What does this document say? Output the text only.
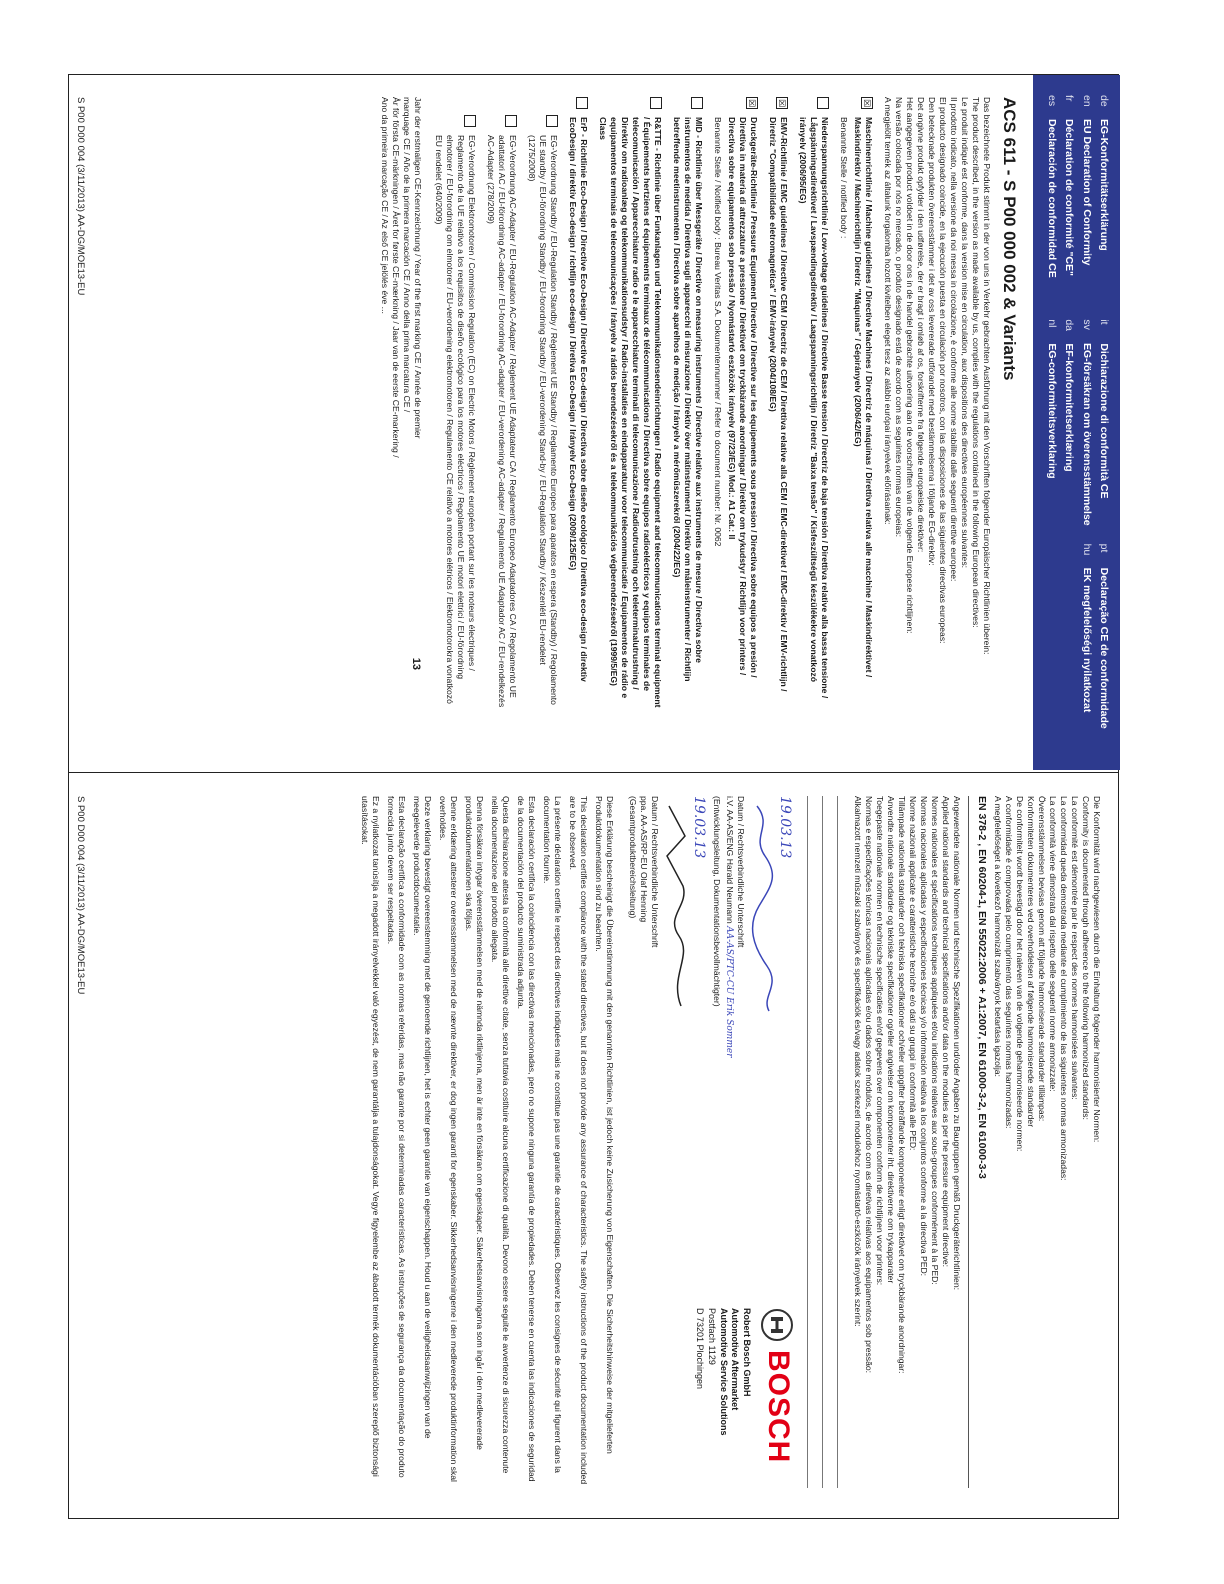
de
EG-Konformitätserklärung
it
Dichiarazione di conformità CE
pt
Declaração CE de conformidade
en
EU Declaration of Conformity
sv
EG-försäkran om överensstämmelse
hu
EK megfelelőségi nyilatkozat
fr
Déclaration de conformité "CE"
da
EF-konformitetserklæring
es
Declaración de conformidad CE
nl
EG-conformiteitsverklaring
ACS 611 - S P00 000 002 & Variants

Das bezeichnete Produkt stimmt in der von uns in Verkehr gebrachten Ausführung mit den Vorschriften folgender Europäischer Richtlinien überein:

The product described, in the version as made available by us, complies with the regulations contained in the following European directives:

Le produit indiqué est conforme, dans la version mise en circulation, aux dispositions des directives européennes suivantes:

Il prodotto indicato, nella versione da noi messa in circolazione, è conforme alle norme stabilite dalle seguenti direttive europee:

El producto designado coincide, en la ejecución puesta en circulación por nosotros, con las disposiciones de las siguientes directivas europeas:

Den betecknade produkten överensstämmer i det av oss levererade utförandet med bestämmelserna i följande EG-direktiv:

Det angivne produkt opfylder i den udførelse, der er bragt i omløb af os, forskrifterne fra følgende europæiske direktiver:

Het aangegeven product voldoet in de door ons in de handel gebrachte uitvoering aan de voorschriften van de volgende Europese richtlijnen:

Na versão colocada por nós no mercado, o produto designado está de acordo com as seguintes normas europeias:

A megjelölt termék az általunk forgalomba hozott kivitelben eleget tesz az alábbi európai irányelvek előírásainak:

☒
Maschinenrichtlinie / Machine guidelines / Directive Machines / Directriz de máquinas / Direttiva relativa alle macchine / Maskindirektivet / Maskindirektiv / Machinerichtlijn / Diretriz "Máquinas" / Gépirányelv (2006/42/EG)
Benannte Stelle / notified body :
Niederspannungsrichtlinie / Low-voltage guidelines / Directive Basse tension / Directriz de baja tensión / Direttiva relative alla bassa tensione / Lågspänningsdirektivet / Lavspændingsdirektiv / Laagspanningsrichtlijn / Diretriz "Baixa tensão" / Kisfeszültségű készülékekre vonatkozó irányelv (2006/95/EG)
☒
EMV-Richtlinie / EMC guidelines / Directive CEM / Directriz de CEM / Direttiva relative alla CEM / EMC-direktivet / EMC-direktiv / EMV-richtlijn / Diretriz "Compatibilidade eletromagnética" / EMV-irányelv (2004/108/EG)
☒
Druckgeräte-Richtlinie / Pressure Equipment Directive / Directive sur les équipements sous pression / Directiva sobre equipos a presión / Direttiva in materia di attrezzature a pressione / Direktivet om tryckbärande anordningar / Direktiv om trykudstyr / Richtlijn voor printers / Directiva sobre equipamentos sob pressão / Nyomástartó eszközök irányelv (97/23/EG) Mod.: A1 Cat.: II
Benannte Stelle / Notified body : Bureau Veritas S.A. Dokumentennummer / Refer to document number: Nr. 0062
MID - Richtlinie über Messgeräte / Directive on measuring instruments / Directive relative aux instruments de mesure / Directiva sobre instrumentos de medida / Direttiva sugli apparecchi di misurazione / Direktiv över mätinstrument / Direktiv om måleinstrumenter / Richtlijn betreffende meetinstrumenten / Directiva sobre aparelhos de medição / Irányelv a mérőműszerekről (2004/22/EG)
R&TTE - Richtlinie über Funkanlagen und Telekommunikationsendeinrichtungen / Radio equipment and telecommunications terminal equipment / Équipements hertziens et équipements terminaux de télécommunications / Directiva sobre equipos radioeléctricos y equipos terminales de telecomunicación / Apparecchiature radio e le apparecchiature terminali di telecomunicazione / Radioutrustning och teleterminalutrustning / Direktiv om radioanlæg og telekommunikationsudstyr / Radio-installaties en eindapparatuur voor telecommunicatie / Equipamentos de rádio e equipamentos terminais de telecomunicações / Irányelv a rádiós berendezésekről és a telekommunikációs végberendezésekről (1999/5/EG) Class
ErP - Richtlinie Eco-Design / Directive Eco-Design / Directive Eco-design / Directiva sobre diseño ecológico / Direttiva eco-design / direktiv EcoDesign / direktiv Eco-design / richtlijn eco-design / Diretiva Eco-Design / Irányelv Eco-Design (2009/125/EG)
EG-Verordnung Standby / EU-Regulation Standby / Règlement UE Standby / Reglamento Europeo para aparatos en espera (Standby) / Regolamento UE standby / EU-förordning Standby / EU-forordning Standby / EU-verordening Stand-by / EU-Regulation Standby / Készenléti EU-rendelet (1275/2008)
EG-Verordnung AC-Adapter / EU-Regulation AC-Adapter / Règlement UE Adaptateur CA / Reglamento Europeo Adaptadores CA / Regolamento UE adattatori AC / EU-förordning AC-adapter / EU-forordning AC-adapter / EU-verordening AC-adapter / Regulamento UE Adaptador AC / EU-rendelkezés AC-Adapter (278/2009)
EG-Verordnung Elektromotoren / Commission Regulation (EC) on Electric Motors / Règlement européen portant sur les moteurs électriques / Reglamento de la UE relativo a los requisitos de diseño ecológico para los motores eléctricos / Regolamento UE motori elettrici / EU-förordning elmotorer / EU-forordning om elmotorer / EU-verordening elektromotoren / Regulamento CE relativo a motores elétricos / Elektromotorokra vonatkozó EU rendelet (640/2009)
Jahr der erstmaligen CE-Kennzeichnung / Year of the first marking CE / Année de premier
marquage CE / Año de la primera marcación CE / Anno della prima marcatura CE /
År för första CE-märkningen / Året for første CE-mærkning / Jaar van de eerste CE-markering /
Ano da primeira marcação CE / Az első CE jelölés éve ...
13
S P00 D00 004 (3/11/2013) AA-DG/MOE13-EU

Die Konformität wird nachgewiesen durch die Einhaltung folgender harmonisierter Normen:

Conformity is documented through adherence to the following harmonized standards:

La conformité est démontrée par le respect des normes harmonisées suivantes:

La conformidad queda demostrada mediante el cumplimiento de las siguientes normas armonizadas:

La conformità viene dimostrata dal rispetto delle seguenti norme armonizzate:

Överensstämmelsen bevisas genom att följande harmoniserade standarder tillämpas:

Konformiteten dokumenteres ved overholdelsen af følgende harmoniserede standarder

De conformiteit wordt bevestigd door het naleven van de volgende geharmoniseerde normen:

A conformidade é comprovada pelo cumprimento das seguintes normas harmonizadas:

A megfelelőséget a következő harmonizált szabványok betartása igazolja:

EN 378-2 , EN 60204-1, EN 55022:2006 + A1:2007, EN 61000-3-2, EN 61000-3-3

Angewendete nationale Normen und technische Spezifikationen und/oder Angaben zu Baugruppen gemäß Druckgeräterichtlinien:

Applied national standards and technical specifications and/or data on the modules as per the pressure equipment directive:

Normes nationales et spécifications techniques appliquées et/ou indications relatives aux sous-groupes conformément à la PED:

Normas nacionales aplicadas y especificaciones técnicas y/o información relativa a los conjuntos conforme a la directiva PED:

Norme nazionali applicate e caratteristiche tecniche e/o dati su gruppi in conformità alle PED:

Tillämpade nationella standarder och tekniska specifikationer och/eller uppgifter beträffande komponenter enligt direktivet om tryckbärande anordningar:

Anvendte nationale standarder og tekniske specifikationer og/eller angivelser om komponenter iht. direktiverne om trykapparater

Toegepaste nationale normen en technische specificaties en/of gegevens over componenten conform de richtlijnen voor printers:

Normas e especificações técnicas nacionais aplicadas e/ou dados sobre módulos, de acordo com as diretivas relativas aos equipamentos sob pressão:

Alkalmazott nemzeti műszaki szabványok és specifikációk és/vagy adatok szerkezeti modulokhoz nyomástartó-eszközök irányelvek szerint:

19.03.13

Datum / Rechtsverbindliche Unterschrift

i.V. AA-AS/ENG Harald Neumann AA-AS/PTC-CU Erik Sommer

(Entwicklungsleitung, Dokumentationsbevollmächtigter)

19.03.13

Datum / Rechtsverbindliche Unterschrift

ppa. AA-AS/RP-EU Olaf Henning

(Gesamtproduktbereichsleitung)

BOSCH
Robert Bosch GmbH
Automotive Aftermarket
Automotive Service Solutions
Postfach 1129
D 73201 Plochingen

Diese Erklärung bescheinigt die Übereinstimmung mit den genannten Richtlinien, ist jedoch keine Zusicherung von Eigenschaften. Die Sicherheitshinweise der mitgelieferten Produktdokumentation sind zu beachten.

This declaration certifies compliance with the stated directives, but it does not provide any assurance of characteristics. The safety instructions of the product documentation included are to be observed.

La présente déclaration certifie le respect des directives indiquées mais ne constitue pas une garantie de caractéristiques. Observez les consignes de sécurité qui figurent dans la documentation fournie.

Esta declaración certifica la coincidencia con las directivas mencionadas, pero no supone ninguna garantía de propiedades. Deben tenerse en cuenta las indicaciones de seguridad de la documentación del producto suministrada adjunta.

Questa dichiarazione attesta la conformità alle direttive citate, senza tuttavia costituire alcuna certificazione di qualità. Devono essere seguite le avvertenze di sicurezza contenute nella documentazione del prodotto allegata.

Denna försäkran intygar överensstämmelsen med de nämnda riktlinjerna, men är inte en försäkran om egenskaper. Säkerhetsanvisningarna som ingår i den medlevererade produktdokumentationen ska följas.

Denne erklæring attesterer overensstemmelsen med de nævnte direktiver, er dog ingen garanti for egenskaber. Sikkerhedsanvisningerne i den medleverede produktinformation skal overholdes.

Deze verklaring bevestigt overeenstemming met de genoemde richtlijnen, het is echter geen garantie van eigenschappen. Houd u aan de veiligheidsaanwijzingen van de meegeleverde productdocumentatie.

Esta declaração certifica a conformidade com as normas referidas, mas não garante por si determinadas características. As instruções de segurança da documentação do produto fornecida junto devem ser respeitadas.

Ez a nyilatkozat tanúsítja a megadott irányelvekkel való egyezést, de nem garantálja a tulajdonságokat. Vegye figyelembe az ábadott termék dokumentációban szereplő biztonsági utasításokat.

S P00 D00 004 (3/11/2013) AA-DG/MOE13-EU
